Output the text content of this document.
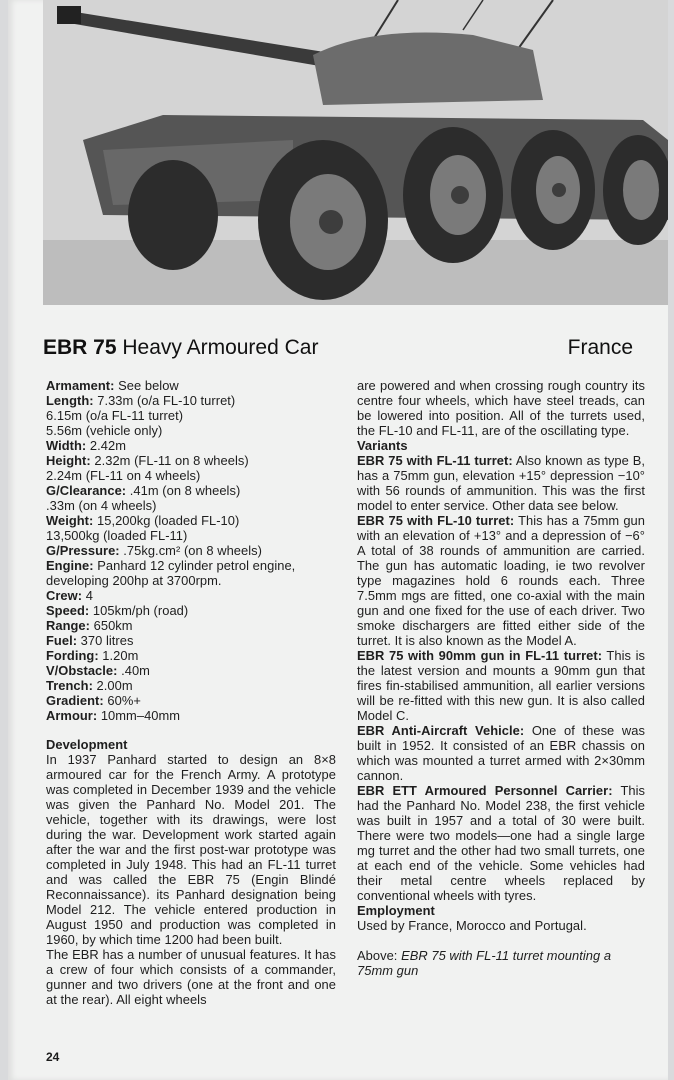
EBR 75 Heavy Armoured Car	France
Armament: See below
Length: 7.33m (o/a FL-10 turret)
6.15m (o/a FL-11 turret)
5.56m (vehicle only)
Width: 2.42m
Height: 2.32m (FL-11 on 8 wheels)
2.24m (FL-11 on 4 wheels)
G/Clearance: .41m (on 8 wheels)
.33m (on 4 wheels)
Weight: 15,200kg (loaded FL-10)
13,500kg (loaded FL-11)
G/Pressure: .75kg.cm² (on 8 wheels)
Engine: Panhard 12 cylinder petrol engine,
developing 200hp at 3700rpm.
Crew: 4
Speed: 105km/ph (road)
Range: 650km
Fuel: 370 litres
Fording: 1.20m
V/Obstacle: .40m
Trench: 2.00m
Gradient: 60%+
Armour: 10mm–40mm
Development
In 1937 Panhard started to design an 8×8 armoured car for the French Army. A prototype was completed in December 1939 and the vehicle was given the Panhard No. Model 201. The vehicle, together with its drawings, were lost during the war. Development work started again after the war and the first post-war prototype was completed in July 1948. This had an FL-11 turret and was called the EBR 75 (Engin Blindé Reconnaissance). its Panhard designation being Model 212. The vehicle entered production in August 1950 and production was completed in 1960, by which time 1200 had been built.
The EBR has a number of unusual features. It has a crew of four which consists of a commander, gunner and two drivers (one at the front and one at the rear). All eight wheels
are powered and when crossing rough country its centre four wheels, which have steel treads, can be lowered into position. All of the turrets used, the FL-10 and FL-11, are of the oscillating type.
Variants
EBR 75 with FL-11 turret: Also known as type B, has a 75mm gun, elevation +15° depression −10° with 56 rounds of ammunition. This was the first model to enter service. Other data see below.
EBR 75 with FL-10 turret: This has a 75mm gun with an elevation of +13° and a depression of −6° A total of 38 rounds of ammunition are carried. The gun has automatic loading, ie two revolver type magazines hold 6 rounds each. Three 7.5mm mgs are fitted, one co-axial with the main gun and one fixed for the use of each driver. Two smoke dischargers are fitted either side of the turret. It is also known as the Model A.
EBR 75 with 90mm gun in FL-11 turret: This is the latest version and mounts a 90mm gun that fires fin-stabilised ammunition, all earlier versions will be re-fitted with this new gun. It is also called Model C.
EBR Anti-Aircraft Vehicle: One of these was built in 1952. It consisted of an EBR chassis on which was mounted a turret armed with 2×30mm cannon.
EBR ETT Armoured Personnel Carrier: This had the Panhard No. Model 238, the first vehicle was built in 1957 and a total of 30 were built. There were two models—one had a single large mg turret and the other had two small turrets, one at each end of the vehicle. Some vehicles had their metal centre wheels replaced by conventional wheels with tyres.
Employment
Used by France, Morocco and Portugal.
Above: EBR 75 with FL-11 turret mounting a 75mm gun
24
